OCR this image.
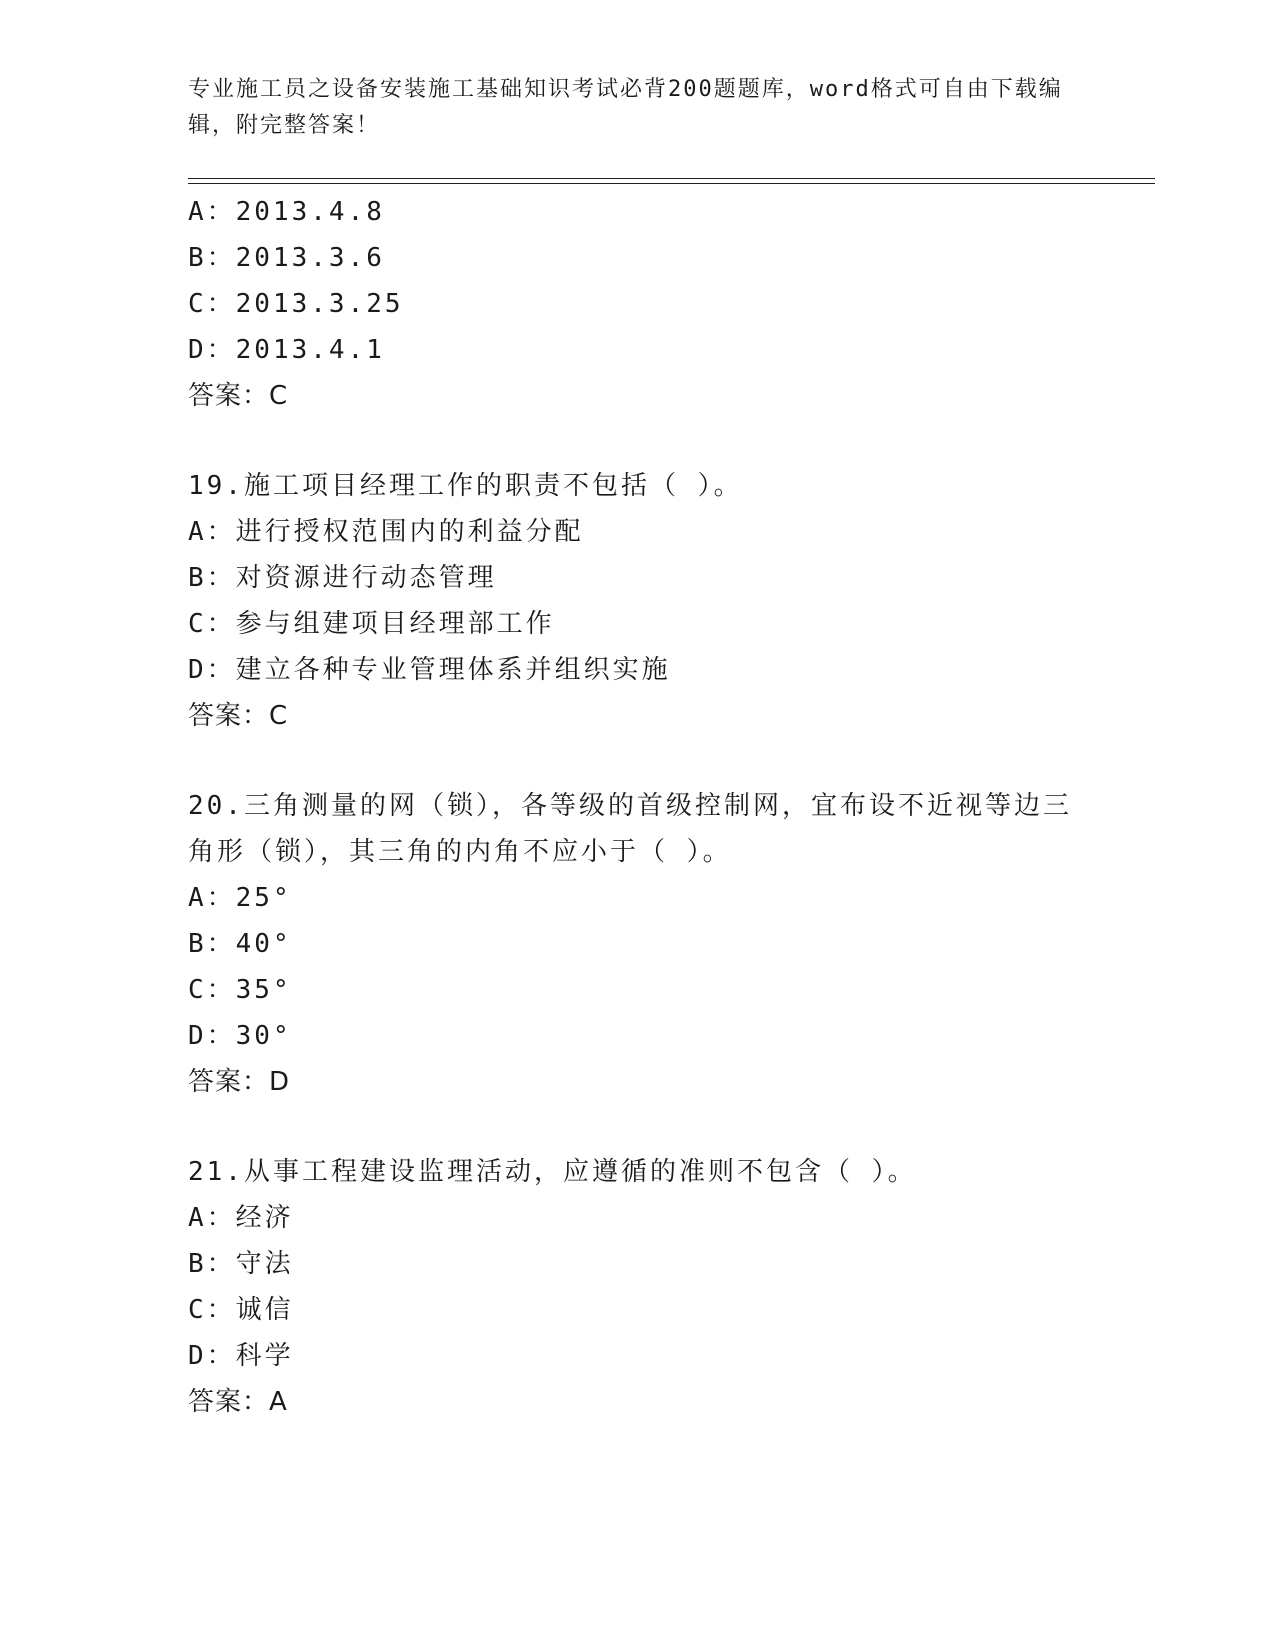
专业施工员之设备安装施工基础知识考试必背200题题库，word格式可自由下载编辑，附完整答案！
A：2013.4.8
B：2013.3.6
C：2013.3.25
D：2013.4.1
答案：C
19.施工项目经理工作的职责不包括（ ）。
A：进行授权范围内的利益分配
B：对资源进行动态管理
C：参与组建项目经理部工作
D：建立各种专业管理体系并组织实施
答案：C
20.三角测量的网（锁），各等级的首级控制网，宜布设不近视等边三角形（锁），其三角的内角不应小于（ ）。
A：25°
B：40°
C：35°
D：30°
答案：D
21.从事工程建设监理活动，应遵循的准则不包含（ ）。
A：经济
B：守法
C：诚信
D：科学
答案：A
